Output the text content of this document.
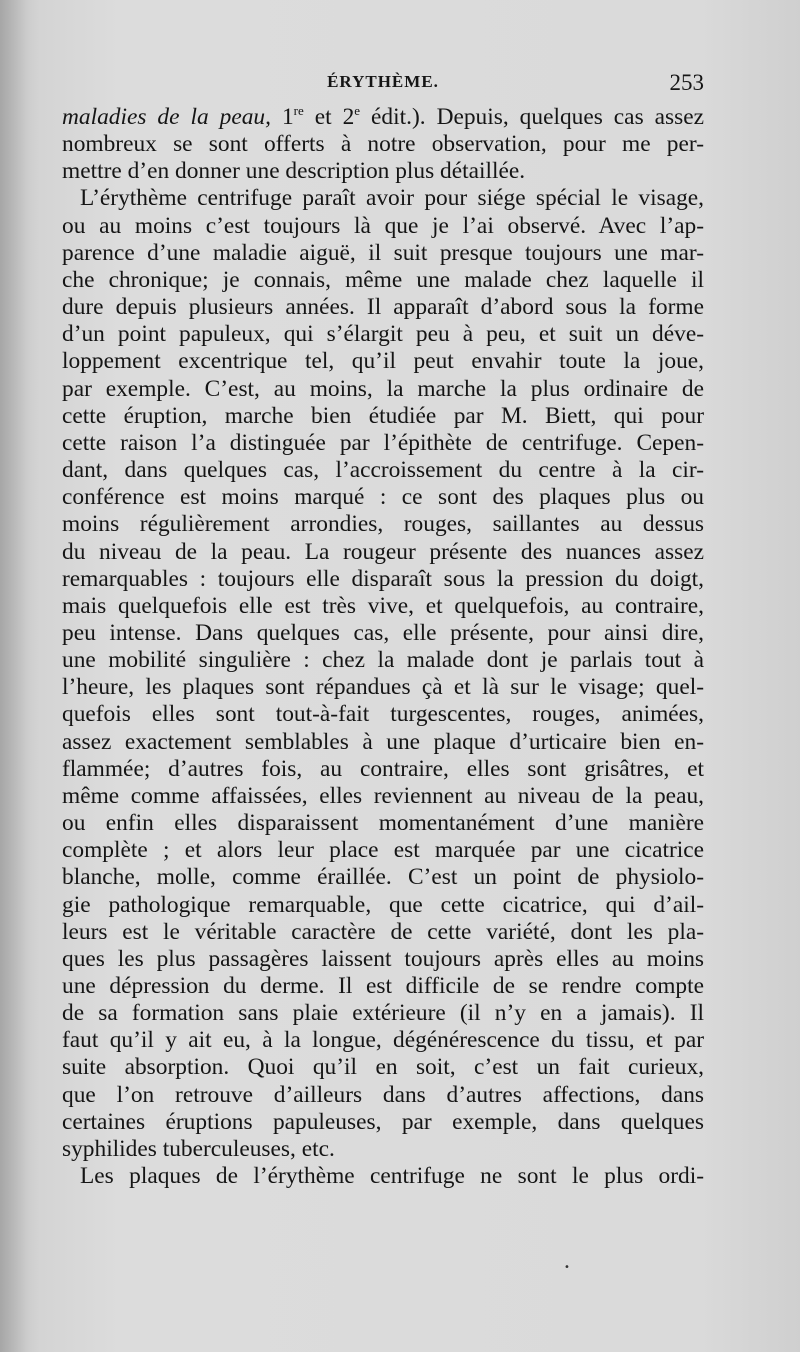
ÉRYTHÈME.	253
maladies de la peau, 1re et 2e édit.). Depuis, quelques cas assez
nombreux se sont offerts à notre observation, pour me per-
mettre d’en donner une description plus détaillée.
L’érythème centrifuge paraît avoir pour siége spécial le visage,
ou au moins c’est toujours là que je l’ai observé. Avec l’ap-
parence d’une maladie aiguë, il suit presque toujours une mar-
che chronique; je connais, même une malade chez laquelle il
dure depuis plusieurs années. Il apparaît d’abord sous la forme
d’un point papuleux, qui s’élargit peu à peu, et suit un déve-
loppement excentrique tel, qu’il peut envahir toute la joue,
par exemple. C’est, au moins, la marche la plus ordinaire de
cette éruption, marche bien étudiée par M. Biett, qui pour
cette raison l’a distinguée par l’épithète de centrifuge. Cepen-
dant, dans quelques cas, l’accroissement du centre à la cir-
conférence est moins marqué : ce sont des plaques plus ou
moins régulièrement arrondies, rouges, saillantes au dessus
du niveau de la peau. La rougeur présente des nuances assez
remarquables : toujours elle disparaît sous la pression du doigt,
mais quelquefois elle est très vive, et quelquefois, au contraire,
peu intense. Dans quelques cas, elle présente, pour ainsi dire,
une mobilité singulière : chez la malade dont je parlais tout à
l’heure, les plaques sont répandues çà et là sur le visage; quel-
quefois elles sont tout-à-fait turgescentes, rouges, animées,
assez exactement semblables à une plaque d’urticaire bien en-
flammée; d’autres fois, au contraire, elles sont grisâtres, et
même comme affaissées, elles reviennent au niveau de la peau,
ou enfin elles disparaissent momentanément d’une manière
complète ; et alors leur place est marquée par une cicatrice
blanche, molle, comme éraillée. C’est un point de physiolo-
gie pathologique remarquable, que cette cicatrice, qui d’ail-
leurs est le véritable caractère de cette variété, dont les pla-
ques les plus passagères laissent toujours après elles au moins
une dépression du derme. Il est difficile de se rendre compte
de sa formation sans plaie extérieure (il n’y en a jamais). Il
faut qu’il y ait eu, à la longue, dégénérescence du tissu, et par
suite absorption. Quoi qu’il en soit, c’est un fait curieux,
que l’on retrouve d’ailleurs dans d’autres affections, dans
certaines éruptions papuleuses, par exemple, dans quelques
syphilides tuberculeuses, etc.
Les plaques de l’érythème centrifuge ne sont le plus ordi-
•
